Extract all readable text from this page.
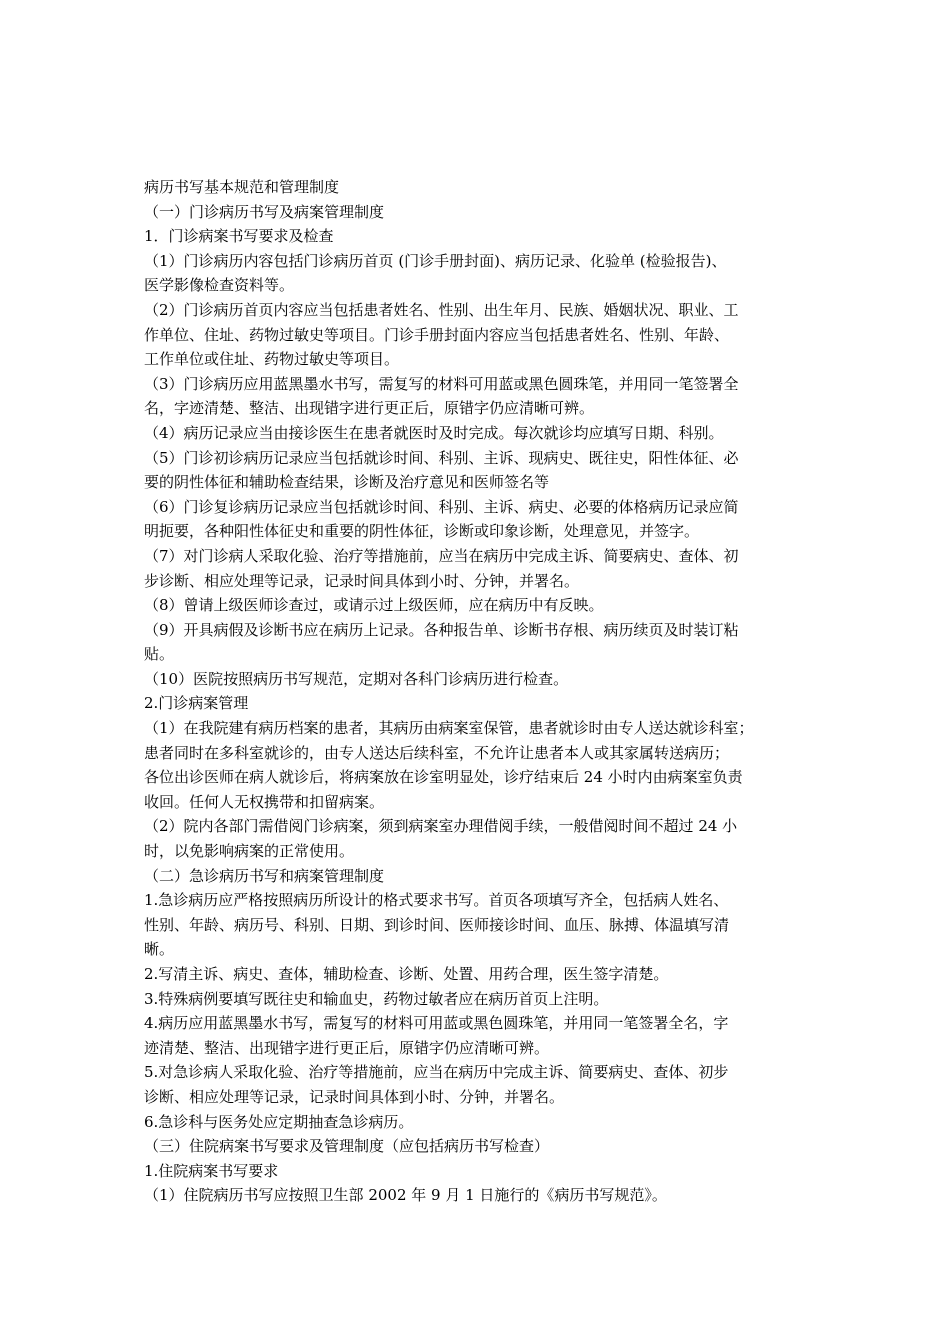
病历书写基本规范和管理制度

（一）门诊病历书写及病案管理制度

1．门诊病案书写要求及检查

（1）门诊病历内容包括门诊病历首页 (门诊手册封面)、病历记录、化验单 (检验报告)、

医学影像检查资料等。

（2）门诊病历首页内容应当包括患者姓名、性别、出生年月、民族、婚姻状况、职业、工

作单位、住址、药物过敏史等项目。门诊手册封面内容应当包括患者姓名、性别、年龄、

工作单位或住址、药物过敏史等项目。

（3）门诊病历应用蓝黑墨水书写，需复写的材料可用蓝或黑色圆珠笔，并用同一笔签署全

名，字迹清楚、整洁、出现错字进行更正后，原错字仍应清晰可辨。

（4）病历记录应当由接诊医生在患者就医时及时完成。每次就诊均应填写日期、科别。

（5）门诊初诊病历记录应当包括就诊时间、科别、主诉、现病史、既往史，阳性体征、必

要的阴性体征和辅助检查结果，诊断及治疗意见和医师签名等

（6）门诊复诊病历记录应当包括就诊时间、科别、主诉、病史、必要的体格病历记录应简

明扼要，各种阳性体征史和重要的阴性体征，诊断或印象诊断，处理意见，并签字。

（7）对门诊病人采取化验、治疗等措施前，应当在病历中完成主诉、简要病史、查体、初

步诊断、相应处理等记录，记录时间具体到小时、分钟，并署名。

（8）曾请上级医师诊查过，或请示过上级医师，应在病历中有反映。

（9）开具病假及诊断书应在病历上记录。各种报告单、诊断书存根、病历续页及时装订粘

贴。

（10）医院按照病历书写规范，定期对各科门诊病历进行检查。

2.门诊病案管理

（1）在我院建有病历档案的患者，其病历由病案室保管，患者就诊时由专人送达就诊科室；

患者同时在多科室就诊的，由专人送达后续科室，不允许让患者本人或其家属转送病历；

各位出诊医师在病人就诊后，将病案放在诊室明显处，诊疗结束后 24 小时内由病案室负责

收回。任何人无权携带和扣留病案。

（2）院内各部门需借阅门诊病案，须到病案室办理借阅手续，一般借阅时间不超过 24 小

时，以免影响病案的正常使用。

（二）急诊病历书写和病案管理制度

1.急诊病历应严格按照病历所设计的格式要求书写。首页各项填写齐全，包括病人姓名、

性别、年龄、病历号、科别、日期、到诊时间、医师接诊时间、血压、脉搏、体温填写清

晰。

2.写清主诉、病史、查体，辅助检查、诊断、处置、用药合理，医生签字清楚。

3.特殊病例要填写既往史和输血史，药物过敏者应在病历首页上注明。

4.病历应用蓝黑墨水书写，需复写的材料可用蓝或黑色圆珠笔，并用同一笔签署全名，字

迹清楚、整洁、出现错字进行更正后，原错字仍应清晰可辨。

5.对急诊病人采取化验、治疗等措施前，应当在病历中完成主诉、简要病史、查体、初步

诊断、相应处理等记录，记录时间具体到小时、分钟，并署名。

6.急诊科与医务处应定期抽查急诊病历。

（三）住院病案书写要求及管理制度（应包括病历书写检查）

1.住院病案书写要求

（1）住院病历书写应按照卫生部 2002 年 9 月 1 日施行的《病历书写规范》。
